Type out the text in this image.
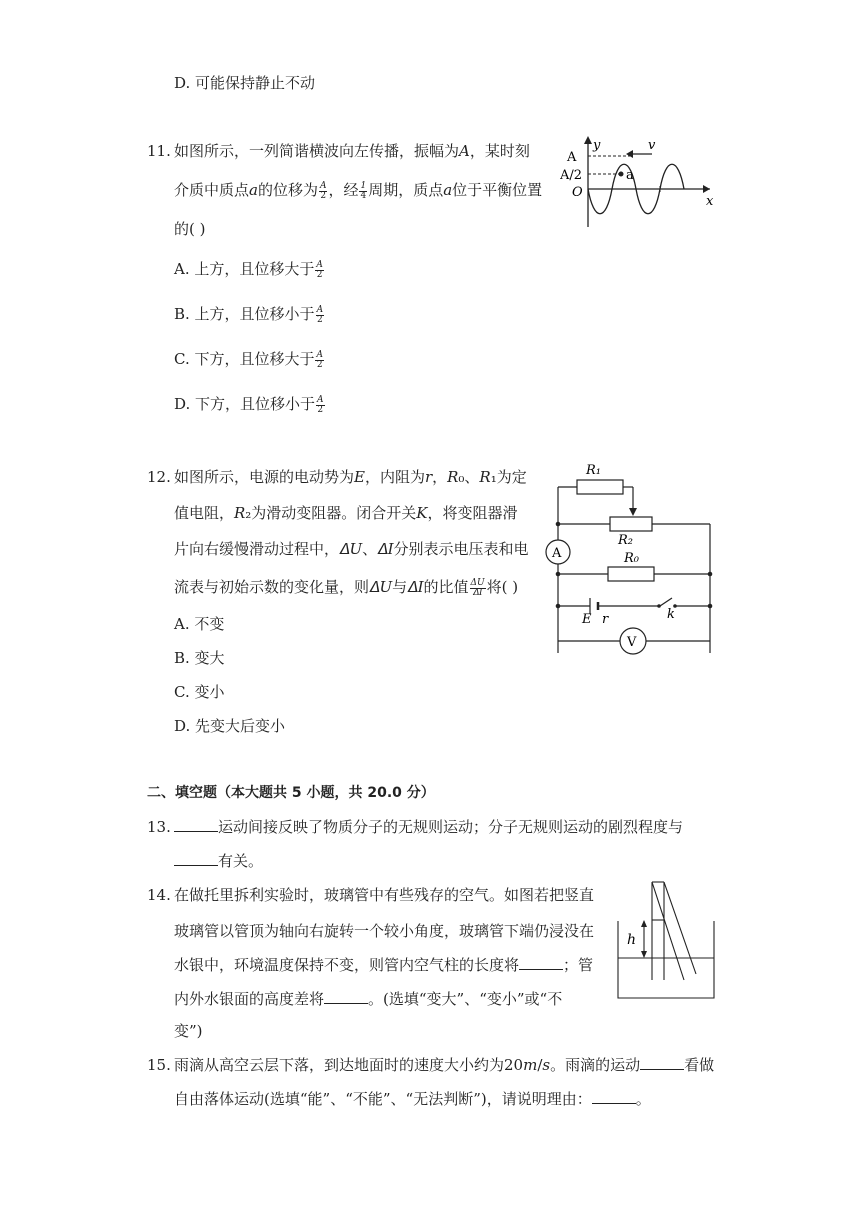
D. 可能保持静止不动
11. 如图所示，一列简谐横波向左传播，振幅为𝐴，某时刻
介质中质点𝑎的位移为 $\frac{\text{𝐴}}{2}$ ，经 $\frac{1}{4}$ 周期，质点𝑎位于平衡位置
的( )
A. 上方，且位移大于 $\frac{\text{𝐴}}{2}$
B. 上方，且位移小于 $\frac{\text{𝐴}}{2}$
C. 下方，且位移大于 $\frac{\text{𝐴}}{2}$
D. 下方，且位移小于 $\frac{\text{𝐴}}{2}$
A
A/2
O
y
x
v
a
12. 如图所示，电源的电动势为𝐸，内阻为𝑟，𝑅₀、𝑅₁为定
值电阻，𝑅₂为滑动变阻器。闭合开关𝐾，将变阻器滑
片向右缓慢滑动过程中，𝛥𝑈、𝛥𝐼分别表示电压表和电
流表与初始示数的变化量，则𝛥𝑈与𝛥𝐼的比值 $\frac{\text{𝛥𝑈}}{\text{𝛥𝐼}}$ 将( )
A. 不变
B. 变大
C. 变小
D. 先变大后变小
A
V
R₁
R₂
R₀
E r	k
二、填空题（本大题共 5 小题，共 20.0 分）
13.	运动间接反映了物质分子的无规则运动；分子无规则运动的剧烈程度与
有关。
14. 在做托里拆利实验时，玻璃管中有些残存的空气。如图若把竖直
玻璃管以管顶为轴向右旋转一个较小角度，玻璃管下端仍浸没在
水银中，环境温度保持不变，则管内空气柱的长度将	；管
内外水银面的高度差将	。(选填“变大”、“变小”或“不
变”)
h
15. 雨滴从高空云层下落，到达地面时的速度大小约为20𝑚/𝑠。雨滴的运动	看做
自由落体运动(选填“能”、“不能”、“无法判断”)，请说明理由：	。
